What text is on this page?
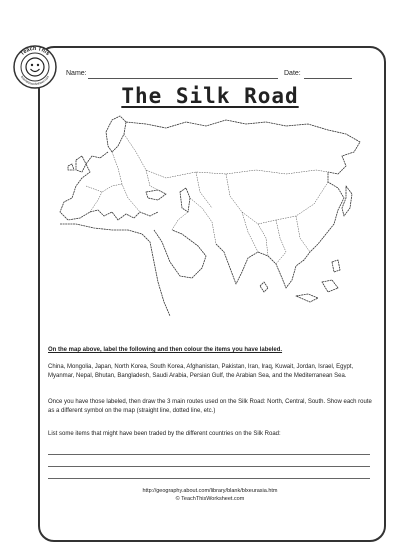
Teach This
teachthisworksheet.com
Name:	Date:
The Silk Road

On the map above, label the following and then colour the items you have labeled.

China, Mongolia, Japan, North Korea, South Korea, Afghanistan, Pakistan, Iran, Iraq, Kuwait, Jordan, Israel, Egypt, Myanmar, Nepal, Bhutan, Bangladesh, Saudi Arabia, Persian Gulf, the Arabian Sea, and the Mediterranean Sea.

Once you have those labeled, then draw the 3 main routes used on the Silk Road: North, Central, South. Show each route as a different symbol on the map (straight line, dotted line, etc.)

List some items that might have been traded by the different countries on the Silk Road:

http://geography.about.com/library/blank/blxeurasia.htm
© TeachThisWorksheet.com
